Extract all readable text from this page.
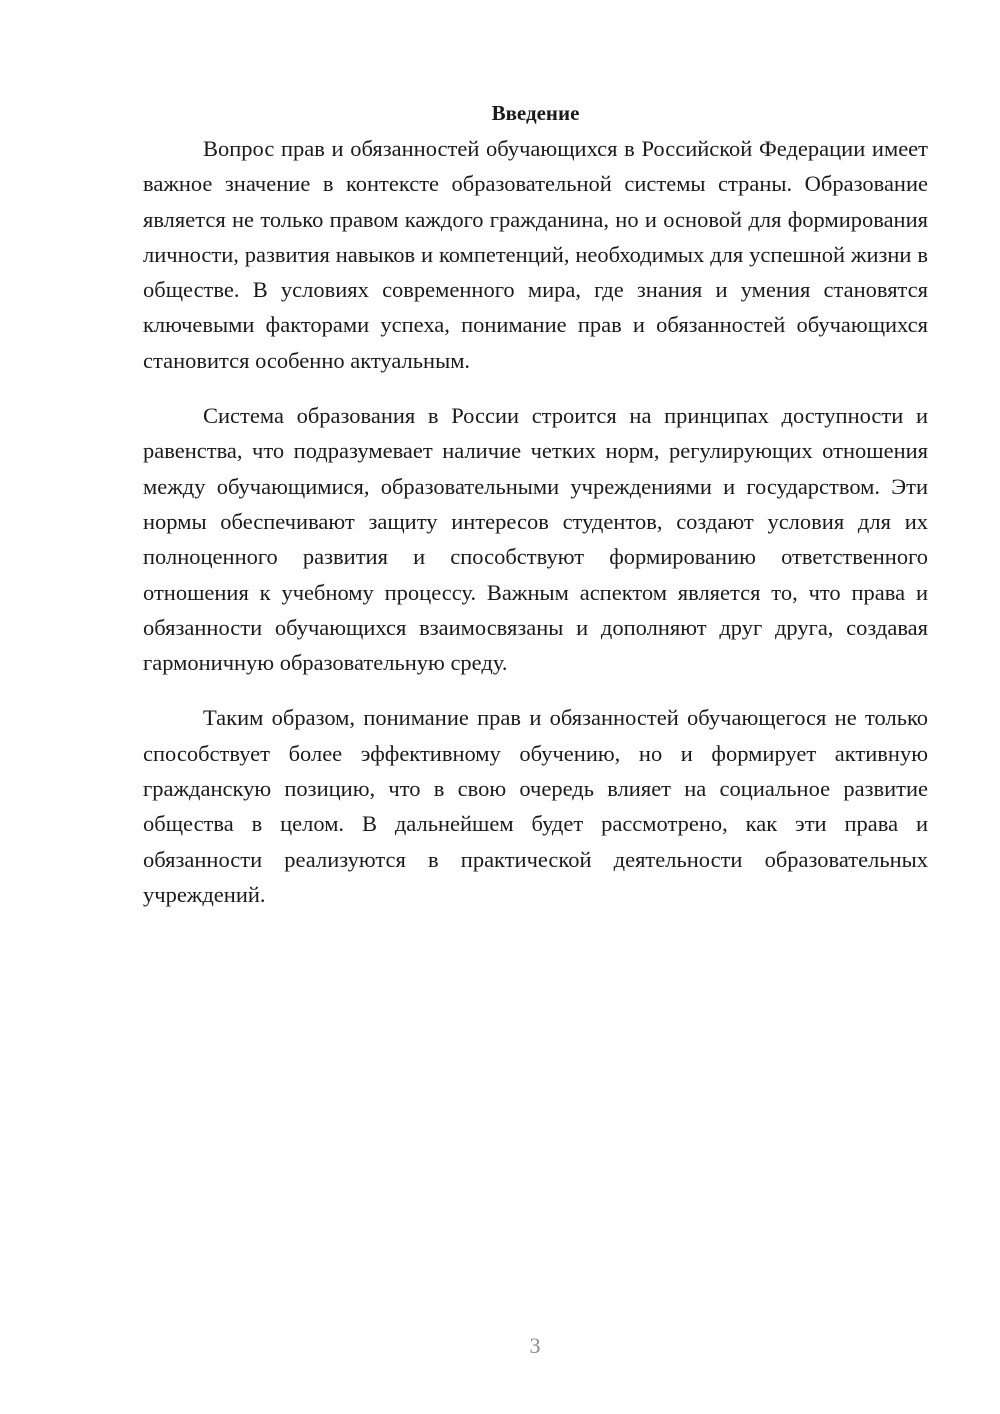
Введение

Вопрос прав и обязанностей обучающихся в Российской Федерации имеет важное значение в контексте образовательной системы страны. Образование является не только правом каждого гражданина, но и основой для формирования личности, развития навыков и компетенций, необходимых для успешной жизни в обществе. В условиях современного мира, где знания и умения становятся ключевыми факторами успеха, понимание прав и обязанностей обучающихся становится особенно актуальным.

Система образования в России строится на принципах доступности и равенства, что подразумевает наличие четких норм, регулирующих отношения между обучающимися, образовательными учреждениями и государством. Эти нормы обеспечивают защиту интересов студентов, создают условия для их полноценного развития и способствуют формированию ответственного отношения к учебному процессу. Важным аспектом является то, что права и обязанности обучающихся взаимосвязаны и дополняют друг друга, создавая гармоничную образовательную среду.

Таким образом, понимание прав и обязанностей обучающегося не только способствует более эффективному обучению, но и формирует активную гражданскую позицию, что в свою очередь влияет на социальное развитие общества в целом. В дальнейшем будет рассмотрено, как эти права и обязанности реализуются в практической деятельности образовательных учреждений.

3
